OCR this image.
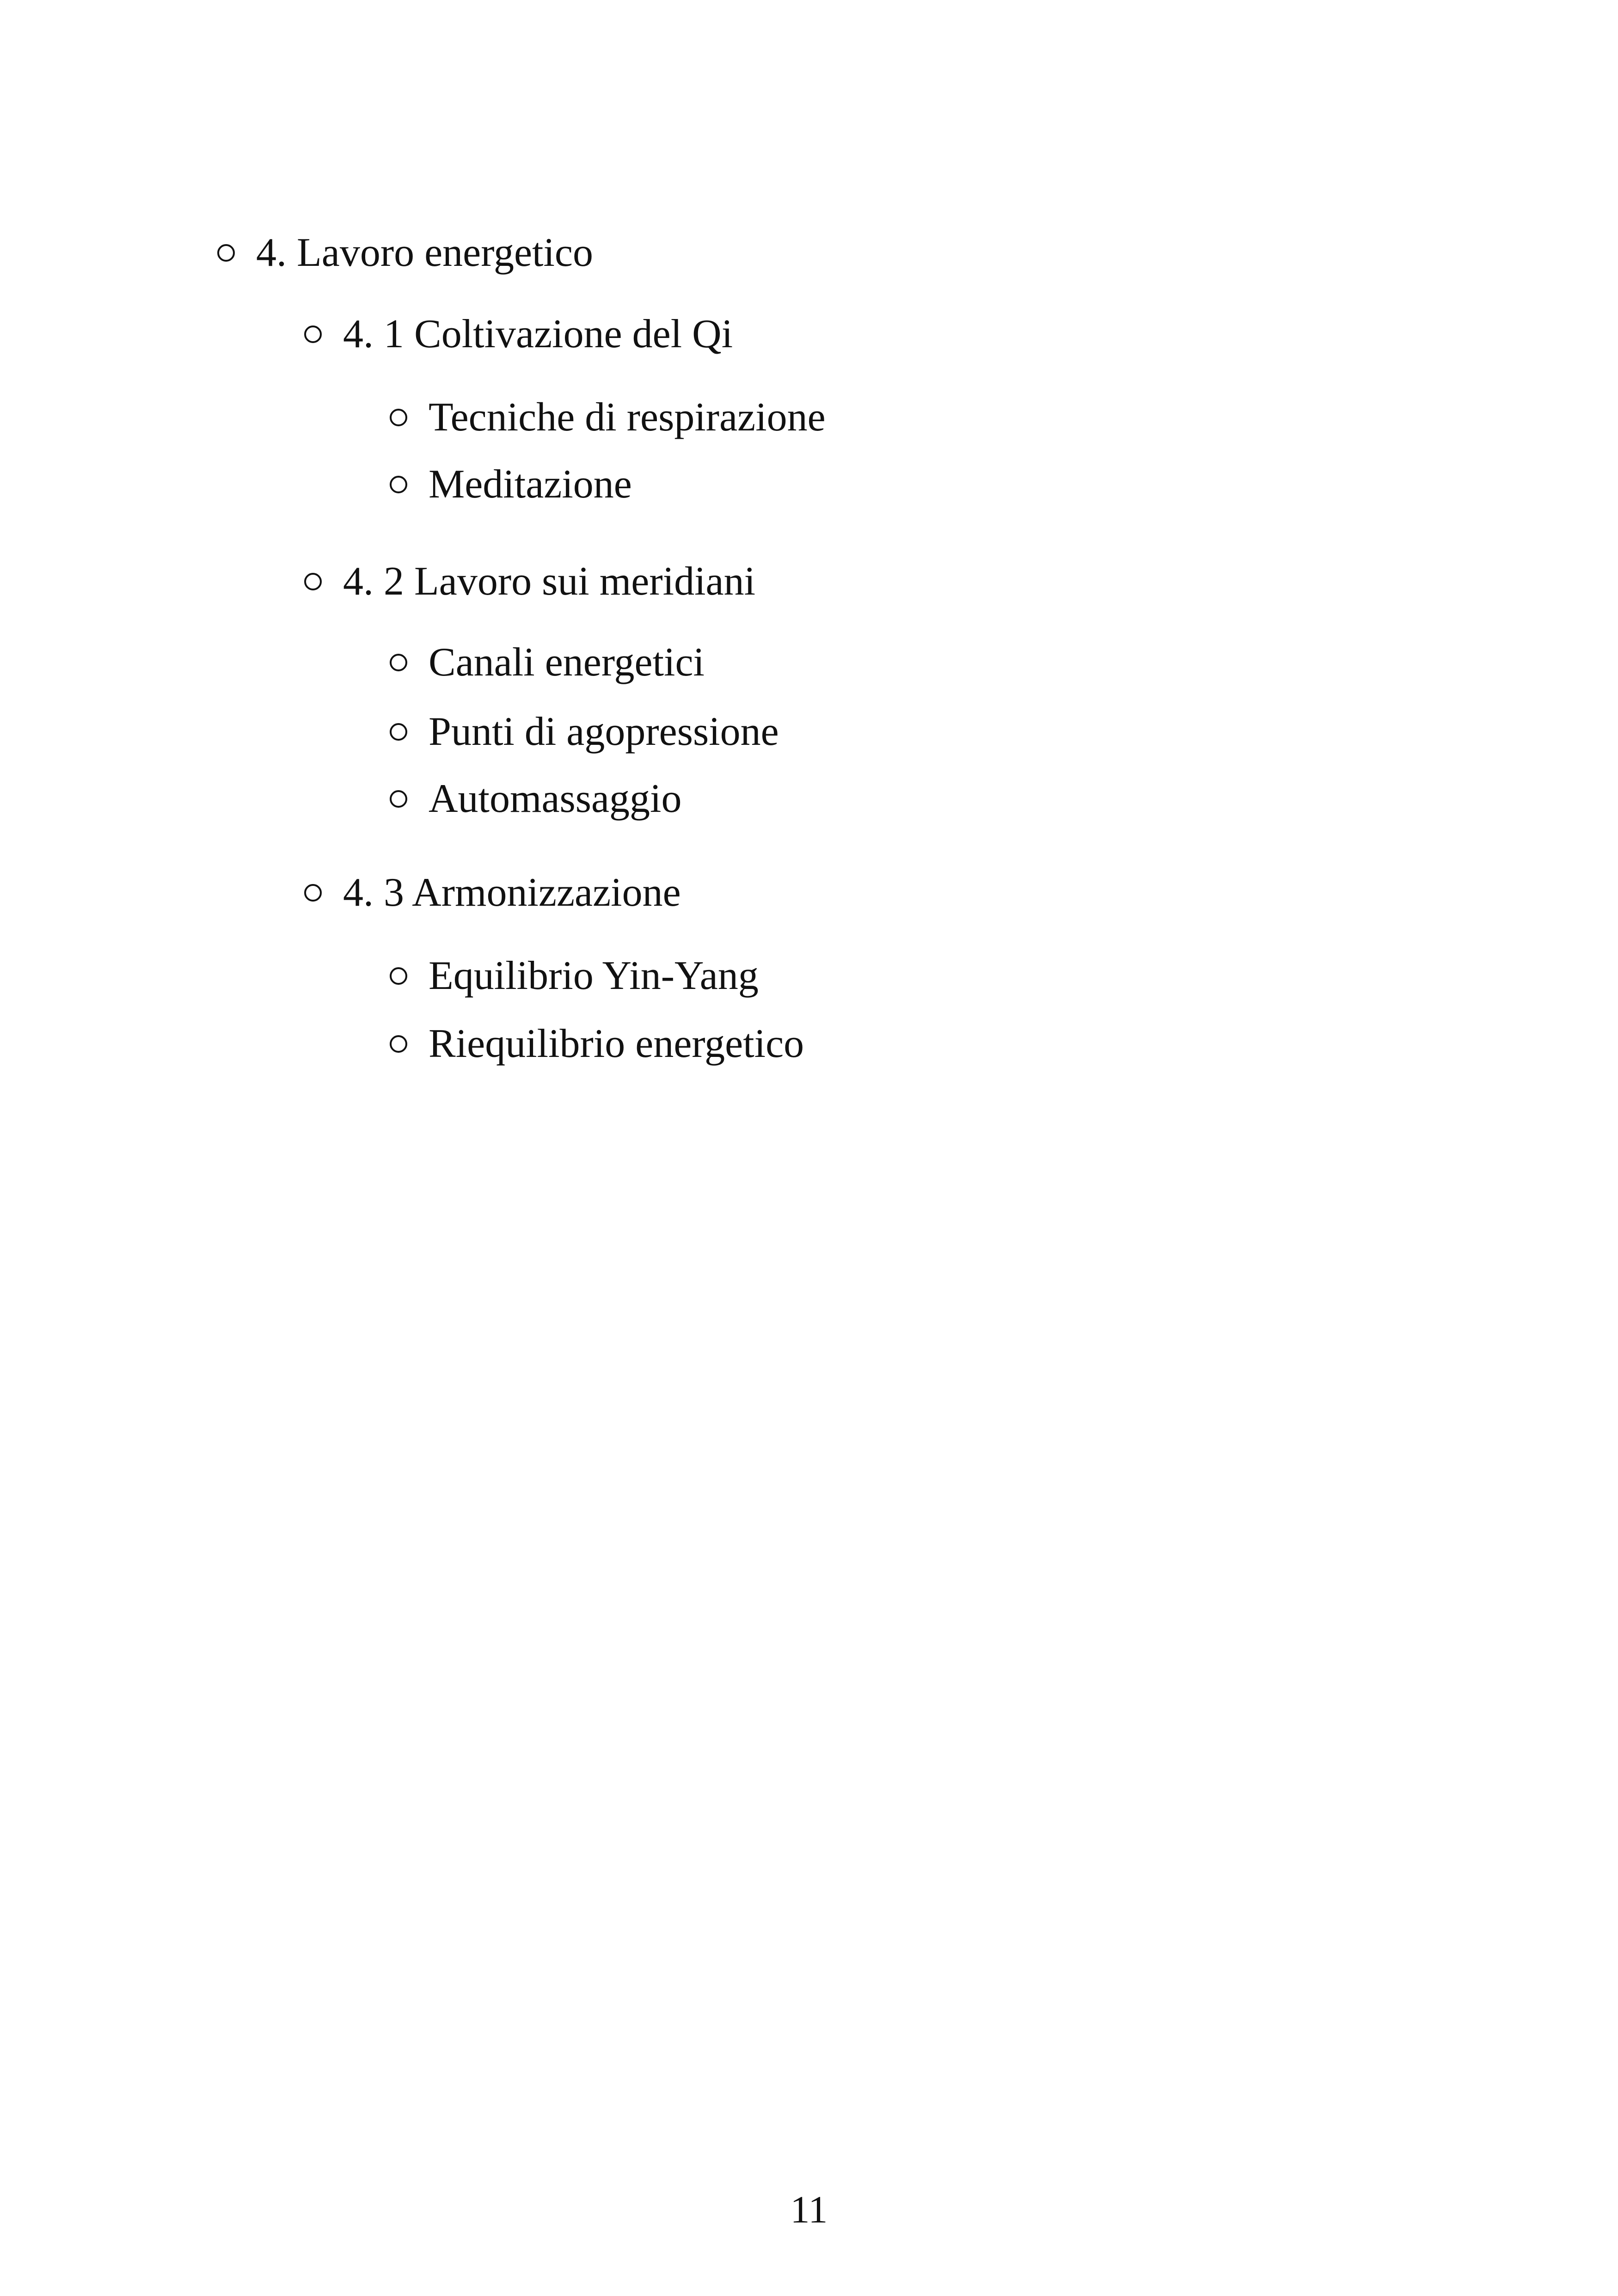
4. Lavoro energetico
4. 1 Coltivazione del Qi
Tecniche di respirazione
Meditazione
4. 2 Lavoro sui meridiani
Canali energetici
Punti di agopressione
Automassaggio
4. 3 Armonizzazione
Equilibrio Yin-Yang
Riequilibrio energetico
11
